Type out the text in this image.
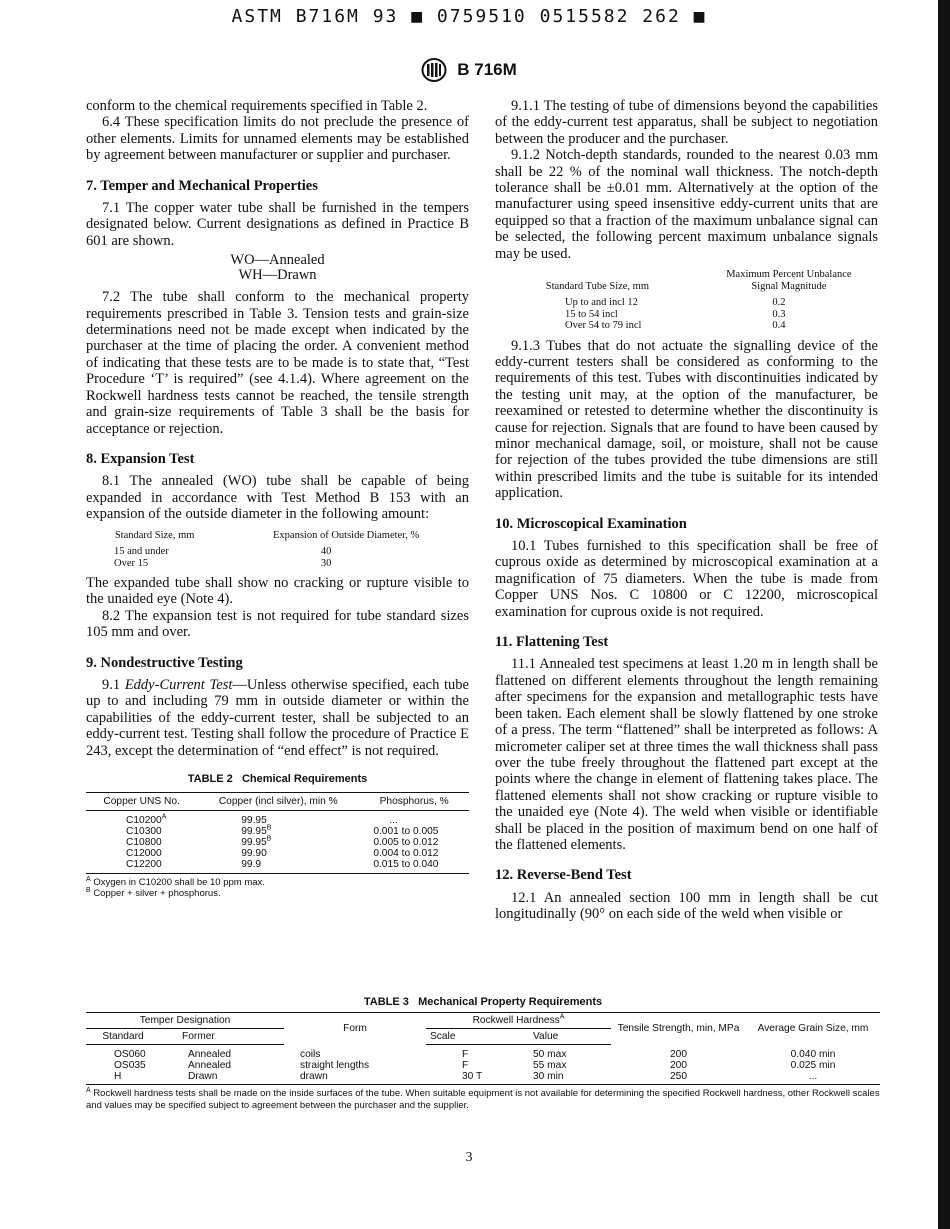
ASTM B716M 93 ■ 0759510 0515582 262 ■
B 716M

conform to the chemical requirements specified in Table 2.

6.4 These specification limits do not preclude the presence of other elements. Limits for unnamed elements may be established by agreement between manufacturer or supplier and purchaser.

7. Temper and Mechanical Properties

7.1 The copper water tube shall be furnished in the tempers designated below. Current designations as defined in Practice B 601 are shown.

WO—Annealed
WH—Drawn

7.2 The tube shall conform to the mechanical property requirements prescribed in Table 3. Tension tests and grain-size determinations need not be made except when indicated by the purchaser at the time of placing the order. A convenient method of indicating that these tests are to be made is to state that, “Test Procedure ‘T’ is required” (see 4.1.4). Where agreement on the Rockwell hardness tests cannot be reached, the tensile strength and grain-size requirements of Table 3 shall be the basis for acceptance or rejection.

8. Expansion Test

8.1 The annealed (WO) tube shall be capable of being expanded in accordance with Test Method B 153 with an expansion of the outside diameter in the following amount:

Standard Size, mm	Expansion of Outside Diameter, %
15 and under	40
Over 15	30

The expanded tube shall show no cracking or rupture visible to the unaided eye (Note 4).

8.2 The expansion test is not required for tube standard sizes 105 mm and over.

9. Nondestructive Testing

9.1 Eddy-Current Test—Unless otherwise specified, each tube up to and including 79 mm in outside diameter or within the capabilities of the eddy-current tester, shall be subjected to an eddy-current test. Testing shall follow the procedure of Practice E 243, except the determination of “end effect” is not required.

TABLE 2 Chemical Requirements
Copper UNS No.	Copper (incl silver), min %	Phosphorus, %
$C10200^A$	99.95	...
C10300	$99.95^B$	0.001 to 0.005
C10800	$99.95^B$	0.005 to 0.012
C12000	99.90	0.004 to 0.012
C12200	99.9	0.015 to 0.040
$^A$ Oxygen in C10200 shall be 10 ppm max.
$^B$ Copper + silver + phosphorus.

9.1.1 The testing of tube of dimensions beyond the capabilities of the eddy-current test apparatus, shall be subject to negotiation between the producer and the purchaser.

9.1.2 Notch-depth standards, rounded to the nearest 0.03 mm shall be 22 % of the nominal wall thickness. The notch-depth tolerance shall be ±0.01 mm. Alternatively at the option of the manufacturer using speed insensitive eddy-current units that are equipped so that a fraction of the maximum unbalance signal can be selected, the following percent maximum unbalance signals may be used.

Standard Tube Size, mm	Maximum Percent Unbalance
Signal Magnitude
Up to and incl 12	0.2
15 to 54 incl	0.3
Over 54 to 79 incl	0.4

9.1.3 Tubes that do not actuate the signalling device of the eddy-current testers shall be considered as conforming to the requirements of this test. Tubes with discontinuities indicated by the testing unit may, at the option of the manufacturer, be reexamined or retested to determine whether the discontinuity is cause for rejection. Signals that are found to have been caused by minor mechanical damage, soil, or moisture, shall not be cause for rejection of the tubes provided the tube dimensions are still within prescribed limits and the tube is suitable for its intended application.

10. Microscopical Examination

10.1 Tubes furnished to this specification shall be free of cuprous oxide as determined by microscopical examination at a magnification of 75 diameters. When the tube is made from Copper UNS Nos. C 10800 or C 12200, microscopical examination for cuprous oxide is not required.

11. Flattening Test

11.1 Annealed test specimens at least 1.20 m in length shall be flattened on different elements throughout the length remaining after specimens for the expansion and metallographic tests have been taken. Each element shall be slowly flattened by one stroke of a press. The term “flattened” shall be interpreted as follows: A micrometer caliper set at three times the wall thickness shall pass over the tube freely throughout the flattened part except at the points where the change in element of flattening takes place. The flattened elements shall not show cracking or rupture visible to the unaided eye (Note 4). The weld when visible or identifiable shall be placed in the position of maximum bend on one half of the flattened elements.

12. Reverse-Bend Test

12.1 An annealed section 100 mm in length shall be cut longitudinally (90° on each side of the weld when visible or

TABLE 3 Mechanical Property Requirements
Temper Designation		Form	Rockwell Hardness$^A$		Tensile Strength, min, MPa	Average Grain Size, mm
Standard	Former		Scale	Value		
OS060	Annealed	coils	F	50 max	200	0.040 min
OS035	Annealed	straight lengths	F	55 max	200	0.025 min
H	Drawn	drawn	30 T	30 min	250	...
$^A$ Rockwell hardness tests shall be made on the inside surfaces of the tube. When suitable equipment is not available for determining the specified Rockwell hardness, other Rockwell scales and values may be specified subject to agreement between the purchaser and the supplier.
3
